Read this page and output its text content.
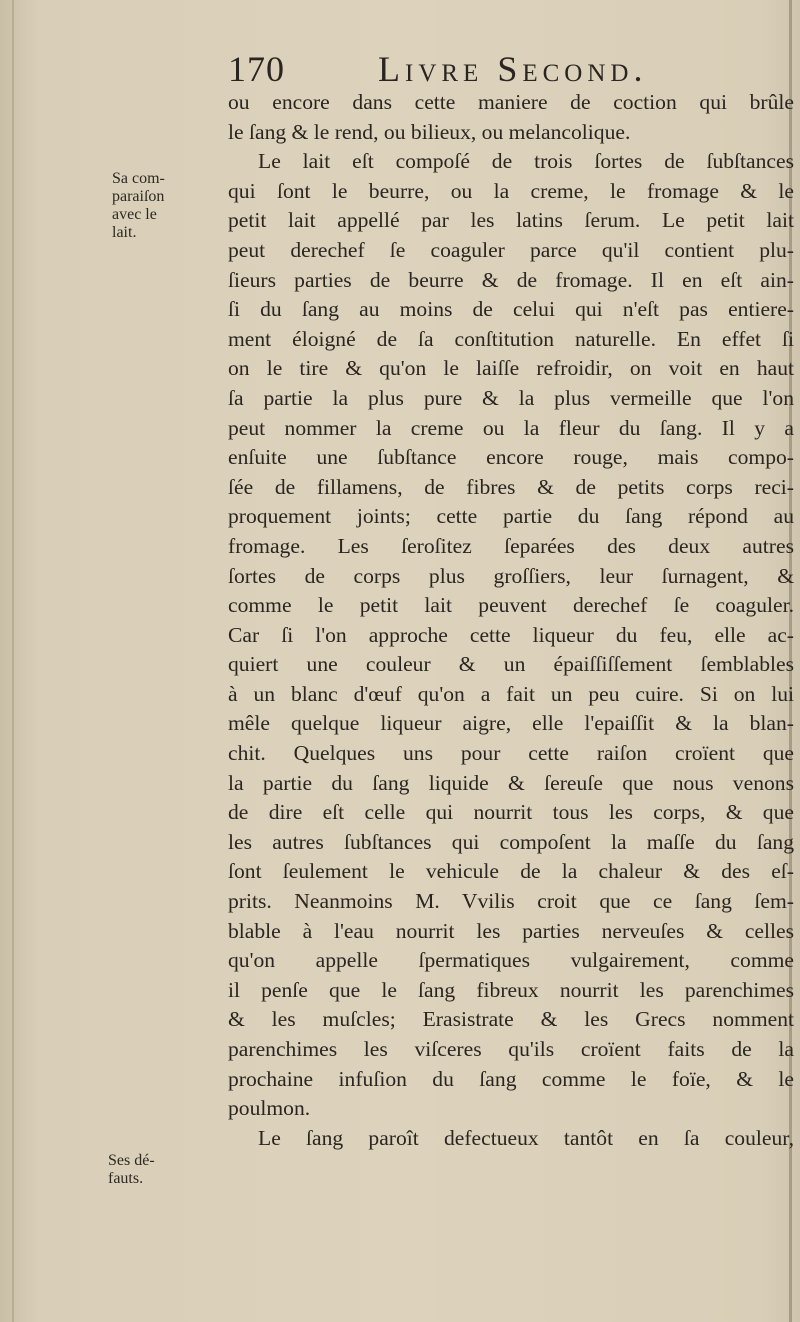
170	Livre Second.
Sa com-
paraiſon
avec le
lait.
Ses dé-
fauts.
ou encore dans cette maniere de coction qui brûle
le ſang & le rend, ou bilieux, ou melancolique.
Le lait eſt compoſé de trois ſortes de ſubſtances
qui ſont le beurre, ou la creme, le fromage & le
petit lait appellé par les latins ſerum. Le petit lait
peut derechef ſe coaguler parce qu'il contient plu-
ſieurs parties de beurre & de fromage. Il en eſt ain-
ſi du ſang au moins de celui qui n'eſt pas entiere-
ment éloigné de ſa conſtitution naturelle. En effet ſi
on le tire & qu'on le laiſſe refroidir, on voit en haut
ſa partie la plus pure & la plus vermeille que l'on
peut nommer la creme ou la fleur du ſang. Il y a
enſuite une ſubſtance encore rouge, mais compo-
ſée de fillamens, de fibres & de petits corps reci-
proquement joints; cette partie du ſang répond au
fromage. Les ſeroſitez ſeparées des deux autres
ſortes de corps plus groſſiers, leur ſurnagent, &
comme le petit lait peuvent derechef ſe coaguler.
Car ſi l'on approche cette liqueur du feu, elle ac-
quiert une couleur & un épaiſſiſſement ſemblables
à un blanc d'œuf qu'on a fait un peu cuire. Si on lui
mêle quelque liqueur aigre, elle l'epaiſſit & la blan-
chit. Quelques uns pour cette raiſon croïent que
la partie du ſang liquide & ſereuſe que nous venons
de dire eſt celle qui nourrit tous les corps, & que
les autres ſubſtances qui compoſent la maſſe du ſang
ſont ſeulement le vehicule de la chaleur & des eſ-
prits. Neanmoins M. Vvilis croit que ce ſang ſem-
blable à l'eau nourrit les parties nerveuſes & celles
qu'on appelle ſpermatiques vulgairement, comme
il penſe que le ſang fibreux nourrit les parenchimes
& les muſcles; Erasistrate & les Grecs nomment
parenchimes les viſceres qu'ils croïent faits de la
prochaine infuſion du ſang comme le foïe, & le
poulmon.
Le ſang paroît defectueux tantôt en ſa couleur,
